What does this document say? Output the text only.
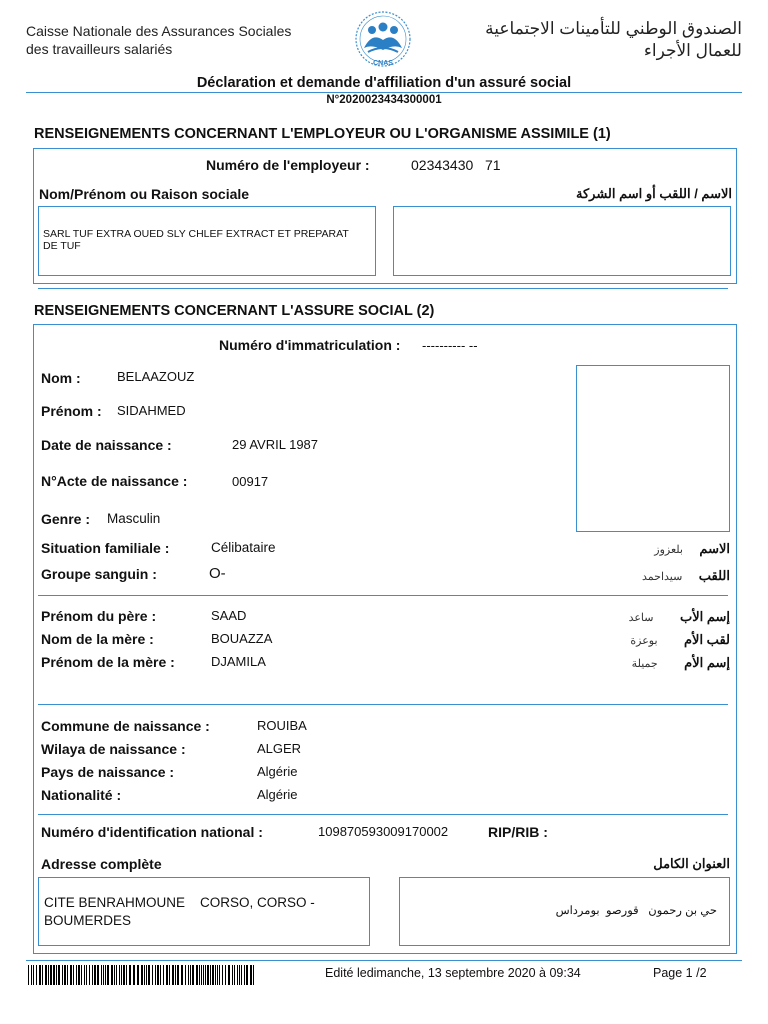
Caisse Nationale des Assurances Sociales
des travailleurs salariés
CNAS
الصندوق الوطني للتأمينات الاجتماعية
للعمال الأجراء
Déclaration et demande d'affiliation d'un assuré social
N°2020023434300001
RENSEIGNEMENTS CONCERNANT L'EMPLOYEUR OU L'ORGANISME ASSIMILE (1)
Numéro de l'employeur :	02343430   71
Nom/Prénom ou Raison sociale	الاسم / اللقب أو اسم الشركة
SARL TUF EXTRA OUED SLY CHLEF EXTRACT ET PREPARAT DE TUF
RENSEIGNEMENTS CONCERNANT L'ASSURE SOCIAL (2)
Numéro d'immatriculation : ---------- --
Nom :	BELAAZOUZ
Prénom : SIDAHMED
Date de naissance :	29 AVRIL 1987
N°Acte de naissance :	00917
Genre : Masculin
Situation familiale :	Célibataire
Groupe sanguin :	O-
الاسم بلعزوز
اللقب سيداحمد
Prénom du père :	SAAD
Nom de la mère :	BOUAZZA
Prénom de la mère :	DJAMILA
إسم الأب ساعد
لقب الأم بوعزة
إسم الأم جميلة
Commune de naissance :	ROUIBA
Wilaya de naissance :	ALGER
Pays de naissance :	Algérie
Nationalité :	Algérie
Numéro d'identification national :	109870593009170002	RIP/RIB :
Adresse complète	العنوان الكامل
CITE BENRAHMOUNE    CORSO, CORSO - BOUMERDES
حي بن رحمون   قورصو  بومرداس
Edité ledimanche, 13 septembre 2020 à 09:34	Page 1 /2
